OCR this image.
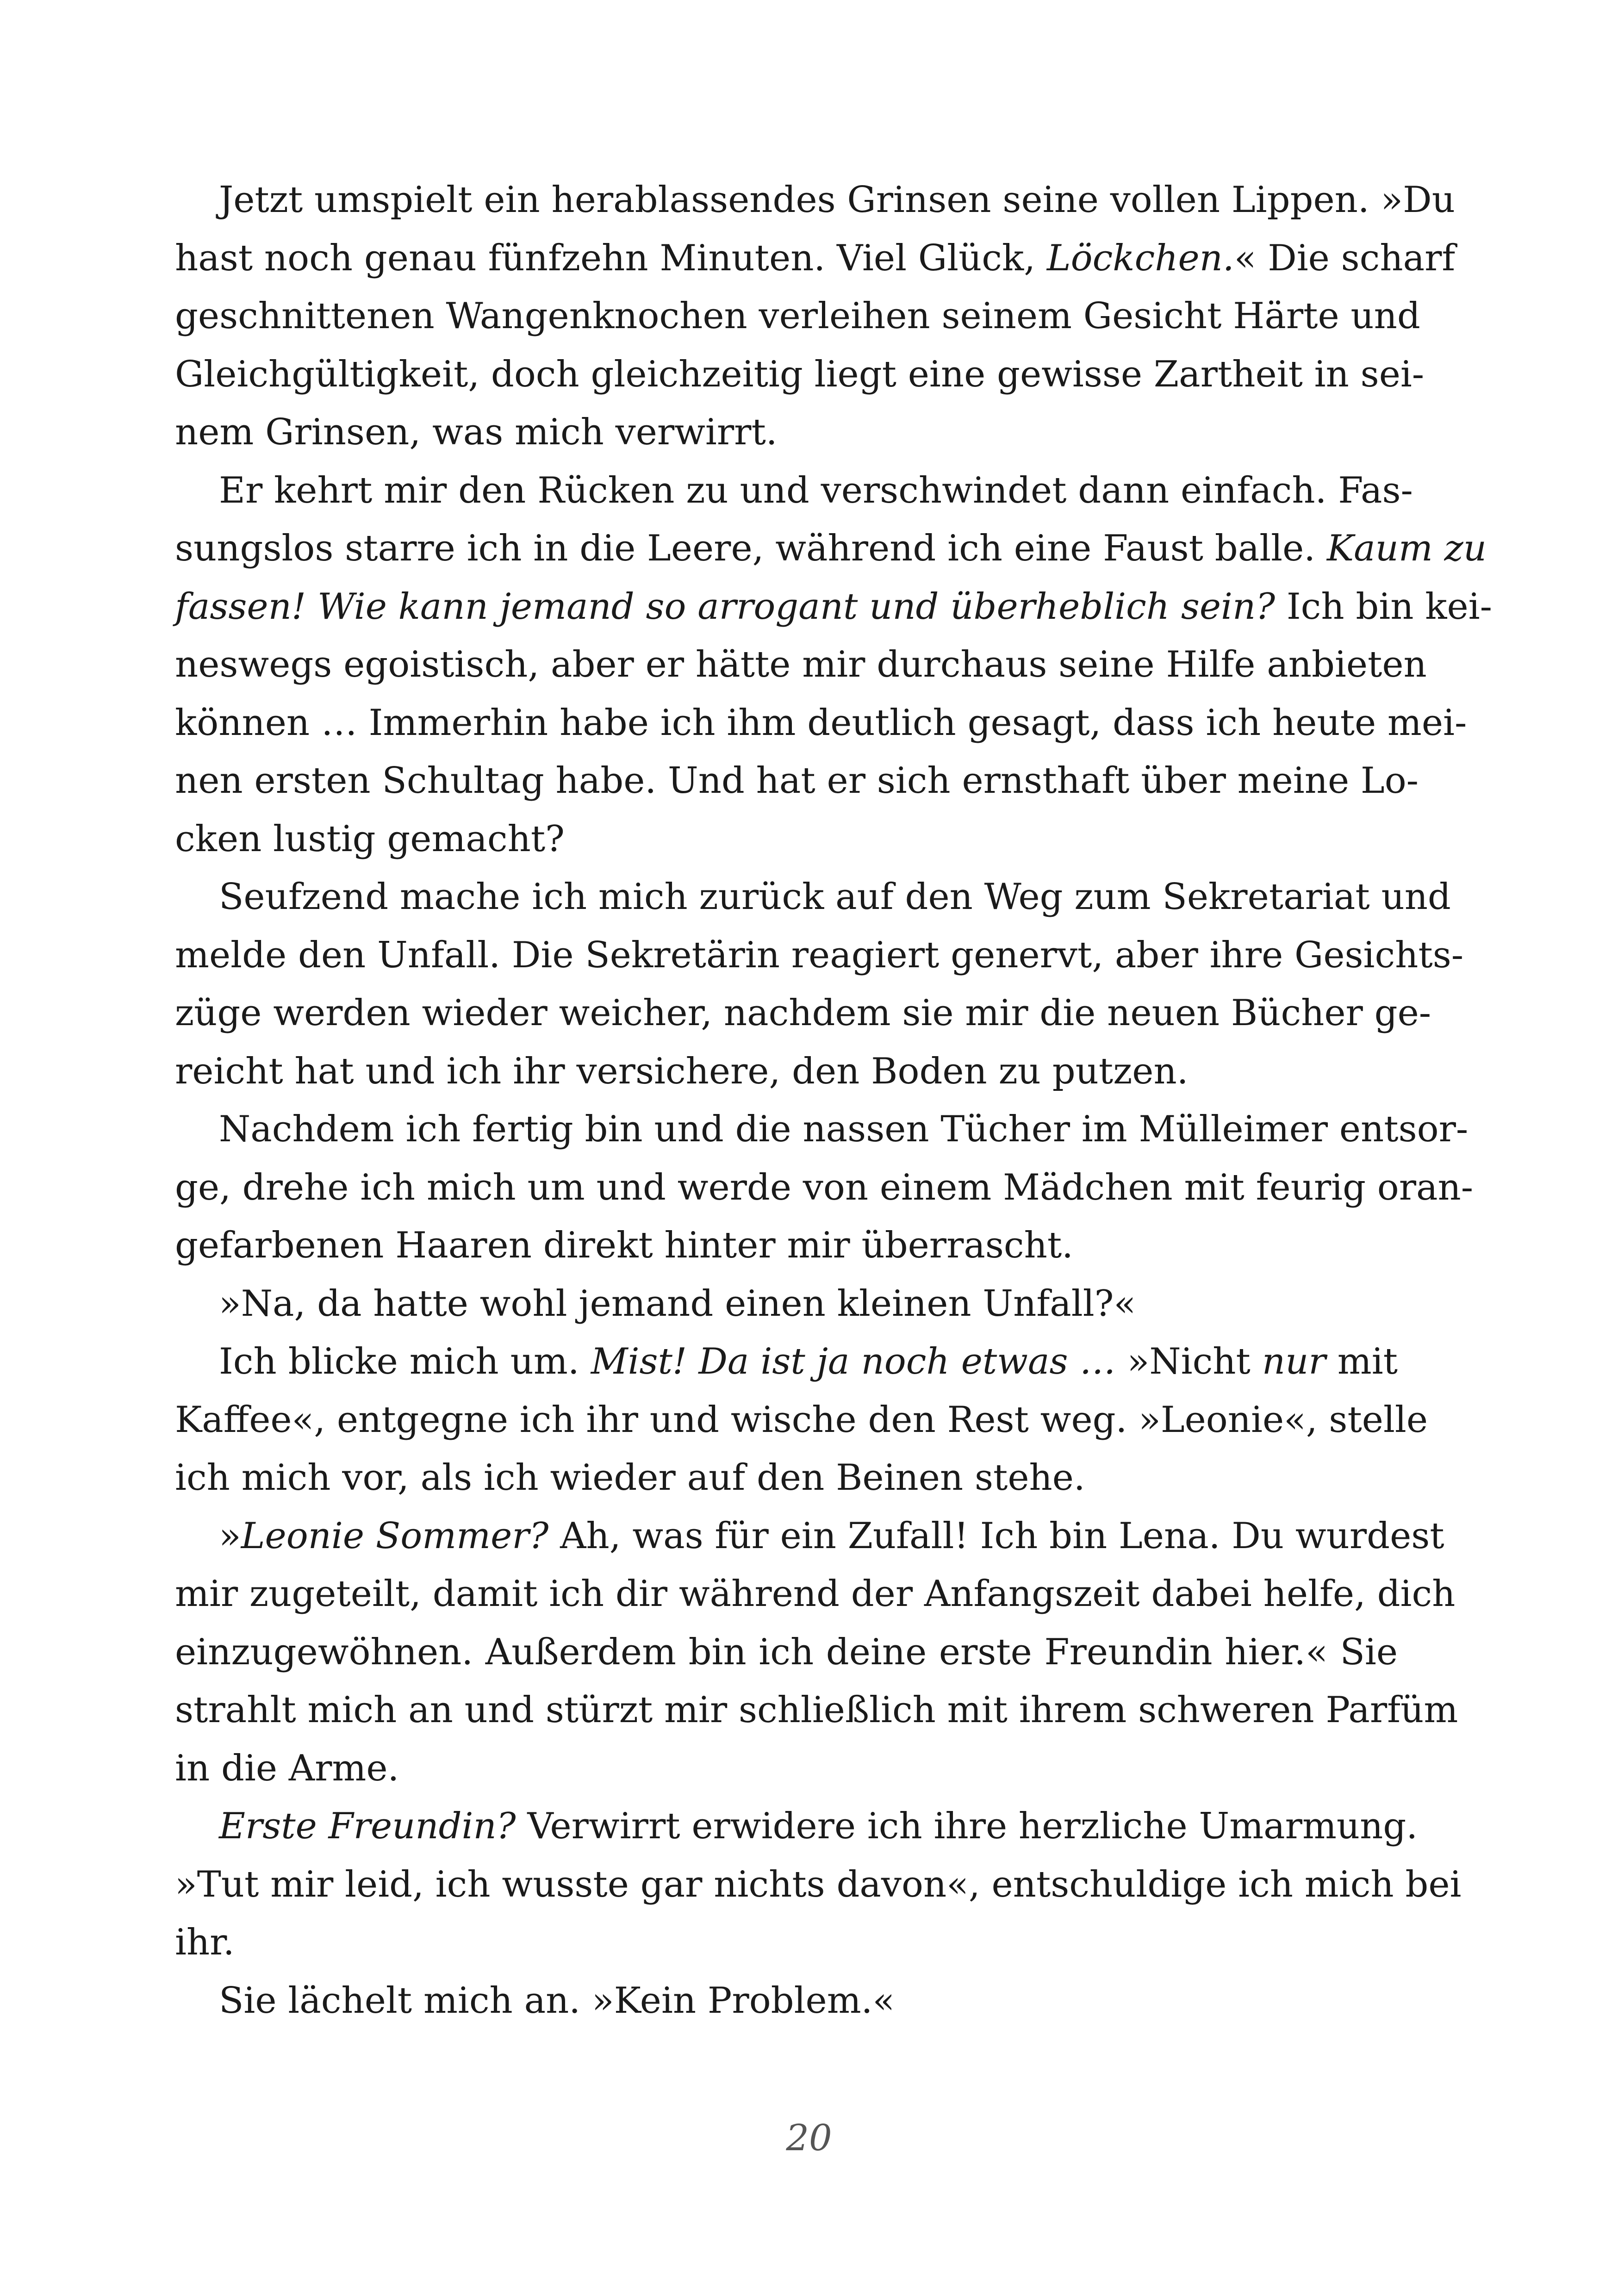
Jetzt umspielt ein herablassendes Grinsen seine vollen Lippen. »Du
hast noch genau fünfzehn Minuten. Viel Glück, Löckchen.« Die scharf
geschnittenen Wangenknochen verleihen seinem Gesicht Härte und
Gleichgültigkeit, doch gleichzeitig liegt eine gewisse Zartheit in sei-
nem Grinsen, was mich verwirrt.
Er kehrt mir den Rücken zu und verschwindet dann einfach. Fas-
sungslos starre ich in die Leere, während ich eine Faust balle. Kaum zu
fassen! Wie kann jemand so arrogant und überheblich sein? Ich bin kei-
neswegs egoistisch, aber er hätte mir durchaus seine Hilfe anbieten
können … Immerhin habe ich ihm deutlich gesagt, dass ich heute mei-
nen ersten Schultag habe. Und hat er sich ernsthaft über meine Lo-
cken lustig gemacht?
Seufzend mache ich mich zurück auf den Weg zum Sekretariat und
melde den Unfall. Die Sekretärin reagiert genervt, aber ihre Gesichts-
züge werden wieder weicher, nachdem sie mir die neuen Bücher ge-
reicht hat und ich ihr versichere, den Boden zu putzen.
Nachdem ich fertig bin und die nassen Tücher im Mülleimer entsor-
ge, drehe ich mich um und werde von einem Mädchen mit feurig oran-
gefarbenen Haaren direkt hinter mir überrascht.
»Na, da hatte wohl jemand einen kleinen Unfall?«
Ich blicke mich um. Mist! Da ist ja noch etwas … »Nicht nur mit
Kaffee«, entgegne ich ihr und wische den Rest weg. »Leonie«, stelle
ich mich vor, als ich wieder auf den Beinen stehe.
»Leonie Sommer? Ah, was für ein Zufall! Ich bin Lena. Du wurdest
mir zugeteilt, damit ich dir während der Anfangszeit dabei helfe, dich
einzugewöhnen. Außerdem bin ich deine erste Freundin hier.« Sie
strahlt mich an und stürzt mir schließlich mit ihrem schweren Parfüm
in die Arme.
Erste Freundin? Verwirrt erwidere ich ihre herzliche Umarmung.
»Tut mir leid, ich wusste gar nichts davon«, entschuldige ich mich bei
ihr.
Sie lächelt mich an. »Kein Problem.«
20
